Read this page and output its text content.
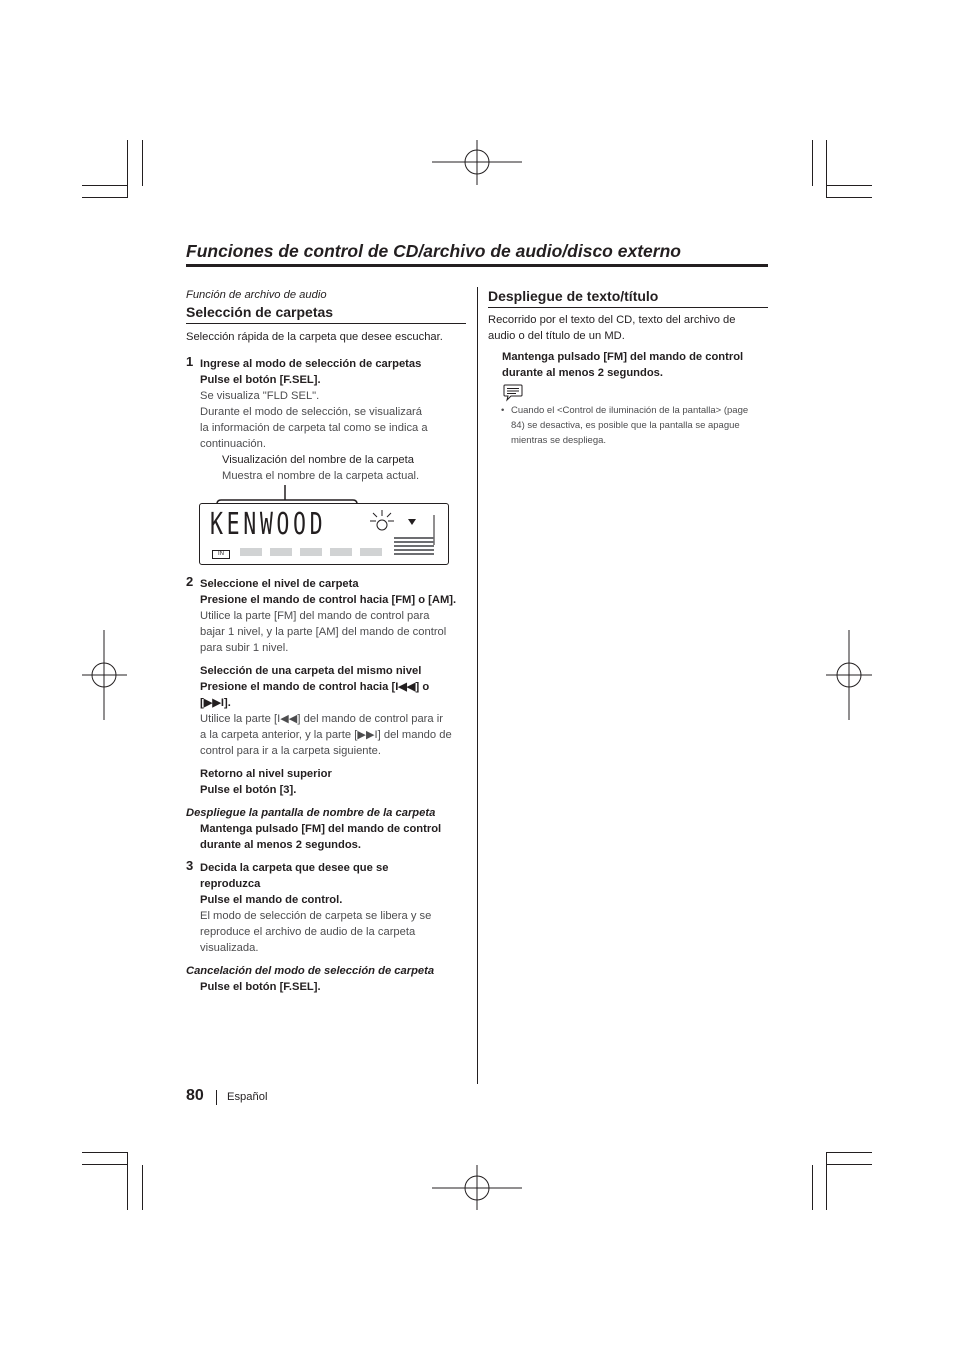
Funciones de control de CD/archivo de audio/disco externo
Función de archivo de audio
Selección de carpetas
Selección rápida de la carpeta que desee escuchar.
1 Ingrese al modo de selección de carpetas
Pulse el botón [F.SEL].
Se visualiza "FLD SEL".
Durante el modo de selección, se visualizará
la información de carpeta tal como se indica a
continuación.
Visualización del nombre de la carpeta
Muestra el nombre de la carpeta actual.
KENWOOD
IN
2 Seleccione el nivel de carpeta
Presione el mando de control hacia [FM] o [AM].
Utilice la parte [FM] del mando de control para
bajar 1 nivel, y la parte [AM] del mando de control
para subir 1 nivel.
Selección de una carpeta del mismo nivel
Presione el mando de control hacia [I◀◀] o
[▶▶I].
Utilice la parte [I◀◀] del mando de control para ir
a la carpeta anterior, y la parte [▶▶I] del mando de
control para ir a la carpeta siguiente.
Retorno al nivel superior
Pulse el botón [3].
Despliegue la pantalla de nombre de la carpeta
Mantenga pulsado [FM] del mando de control
durante al menos 2 segundos.
3 Decida la carpeta que desee que se
reproduzca
Pulse el mando de control.
El modo de selección de carpeta se libera y se
reproduce el archivo de audio de la carpeta
visualizada.
Cancelación del modo de selección de carpeta
Pulse el botón [F.SEL].
Despliegue de texto/título
Recorrido por el texto del CD, texto del archivo de
audio o del título de un MD.
Mantenga pulsado [FM] del mando de control
durante al menos 2 segundos.
• Cuando el <Control de iluminación de la pantalla> (page
84) se desactiva, es posible que la pantalla se apague
mientras se despliega.
80 Español
